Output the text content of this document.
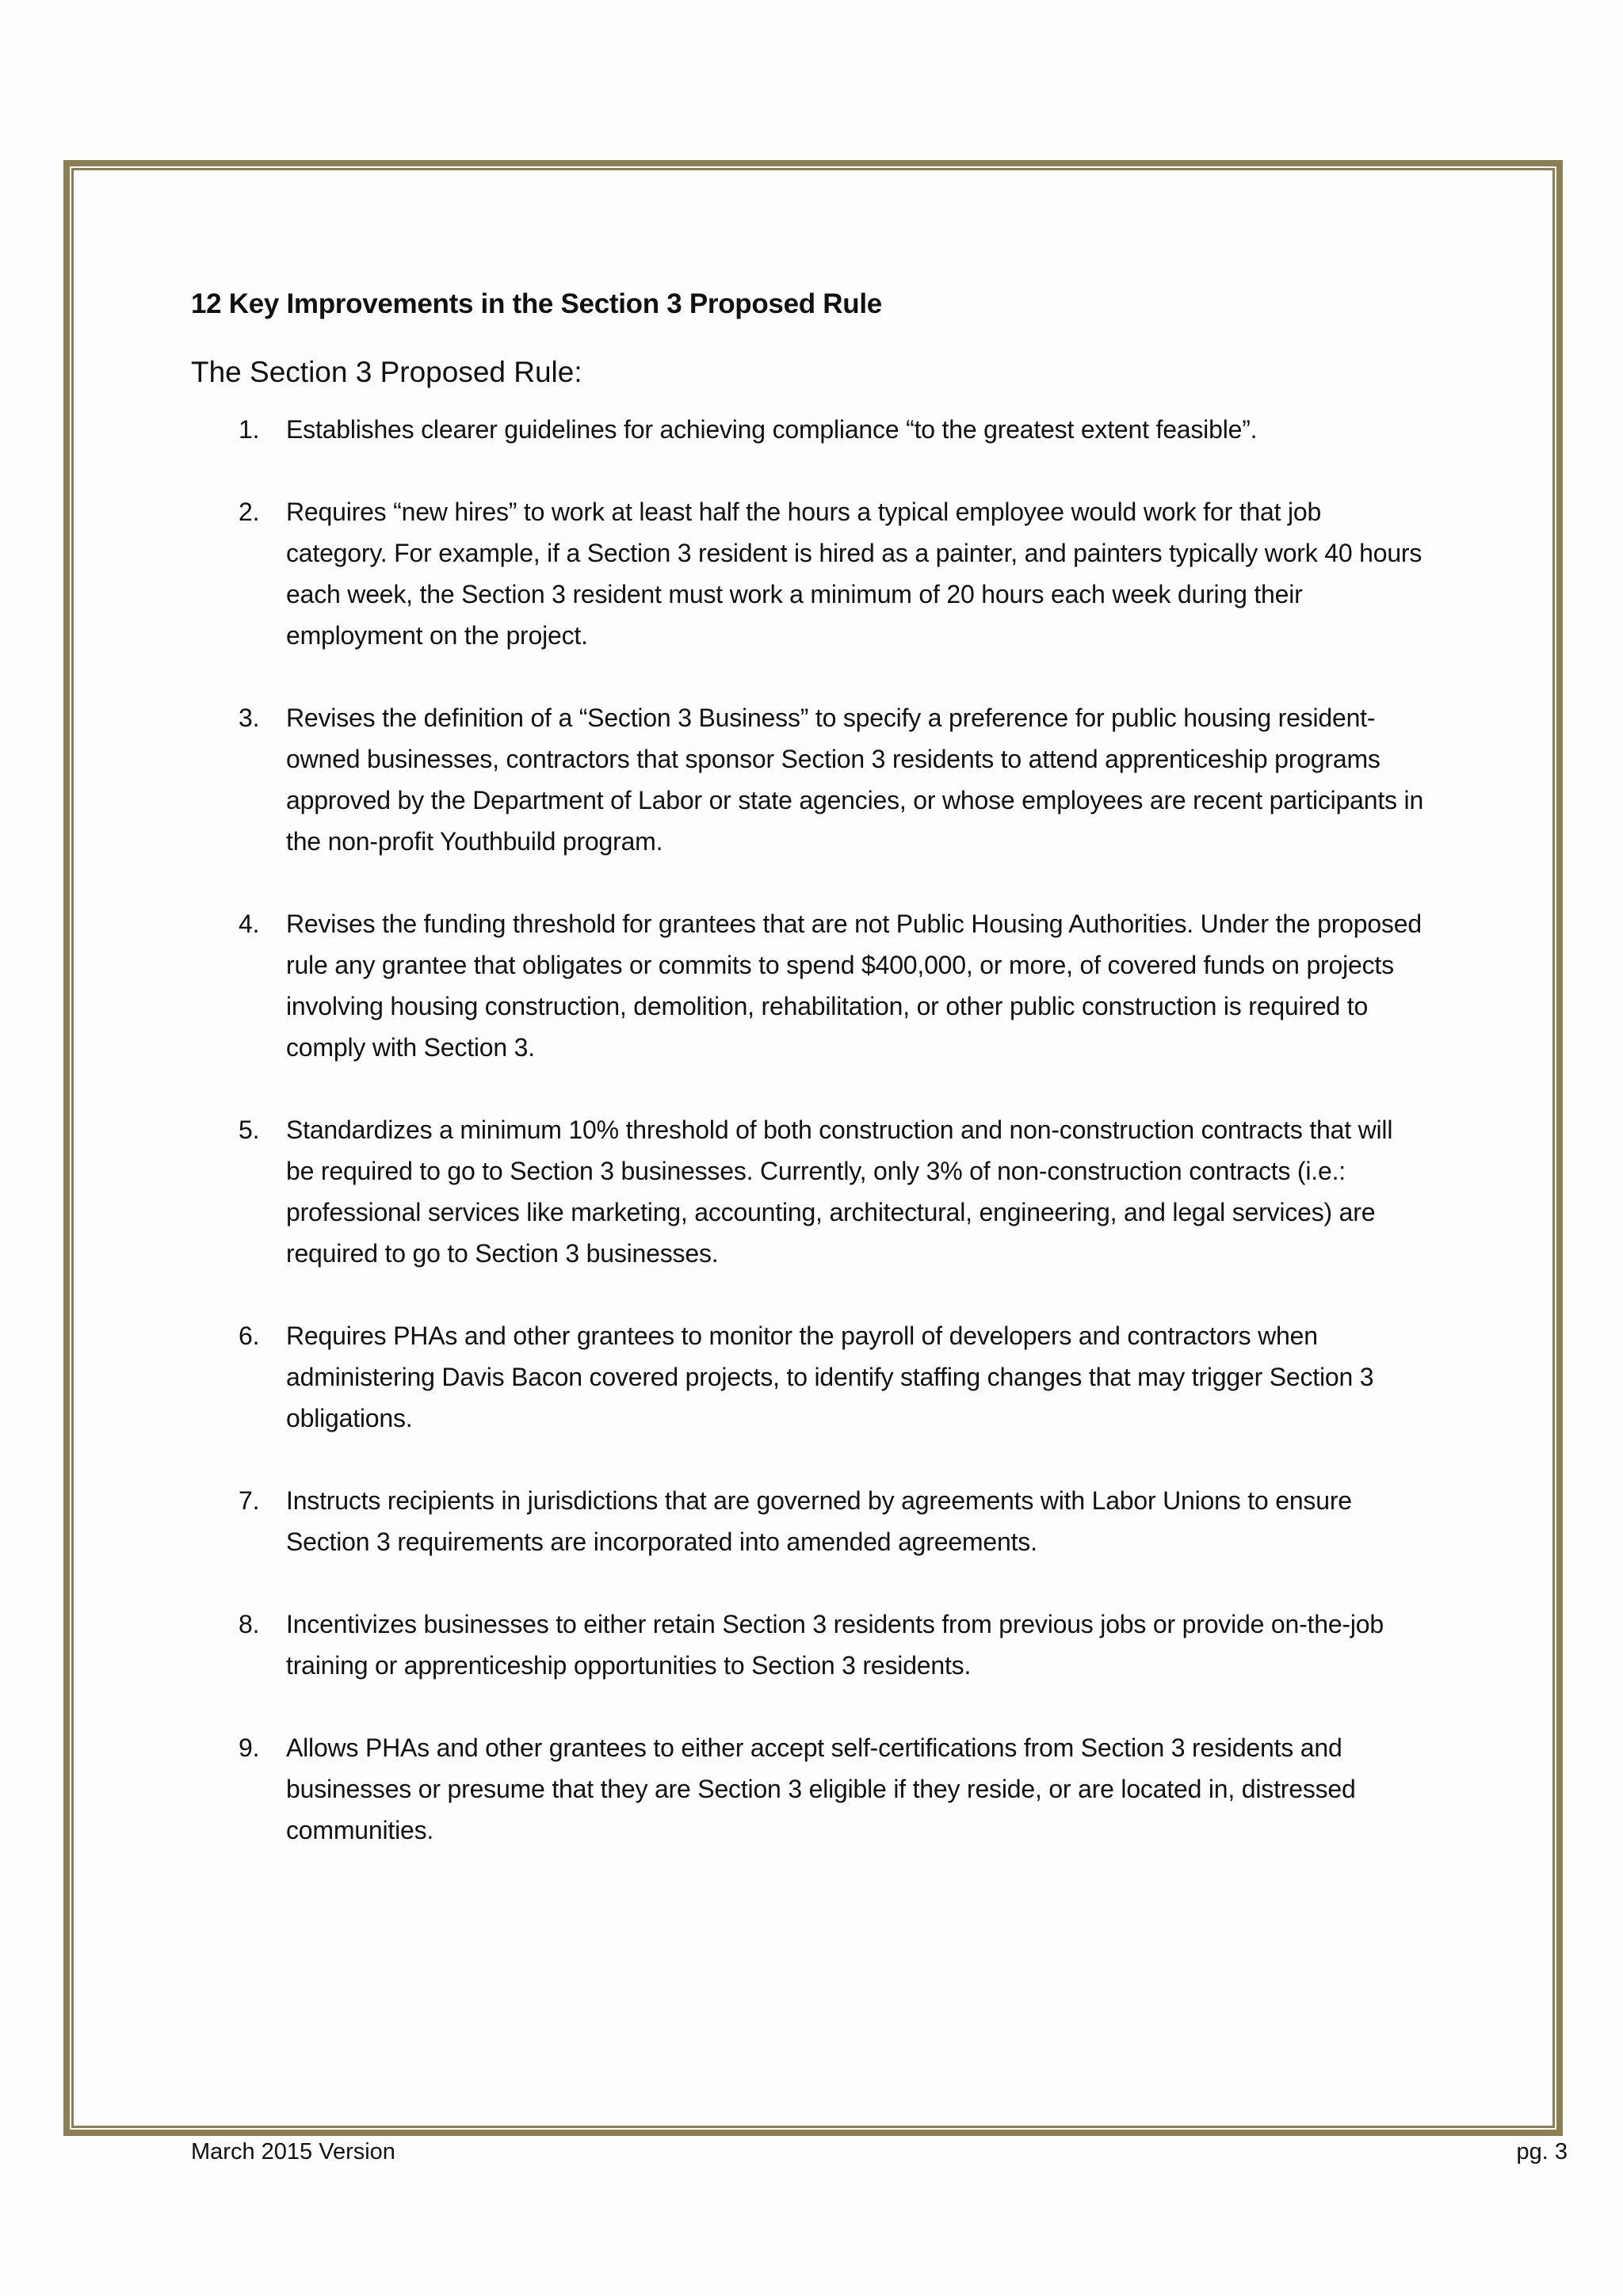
12 Key Improvements in the Section 3 Proposed Rule

The Section 3 Proposed Rule:

1. Establishes clearer guidelines for achieving compliance “to the greatest extent feasible”.
2. Requires “new hires” to work at least half the hours a typical employee would work for that job category. For example, if a Section 3 resident is hired as a painter, and painters typically work 40 hours each week, the Section 3 resident must work a minimum of 20 hours each week during their employment on the project.
3. Revises the definition of a “Section 3 Business” to specify a preference for public housing resident-owned businesses, contractors that sponsor Section 3 residents to attend apprenticeship programs approved by the Department of Labor or state agencies, or whose employees are recent participants in the non-profit Youthbuild program.
4. Revises the funding threshold for grantees that are not Public Housing Authorities. Under the proposed rule any grantee that obligates or commits to spend $400,000, or more, of covered funds on projects involving housing construction, demolition, rehabilitation, or other public construction is required to comply with Section 3.
5. Standardizes a minimum 10% threshold of both construction and non-construction contracts that will be required to go to Section 3 businesses. Currently, only 3% of non-construction contracts (i.e.: professional services like marketing, accounting, architectural, engineering, and legal services) are required to go to Section 3 businesses.
6. Requires PHAs and other grantees to monitor the payroll of developers and contractors when administering Davis Bacon covered projects, to identify staffing changes that may trigger Section 3 obligations.
7. Instructs recipients in jurisdictions that are governed by agreements with Labor Unions to ensure Section 3 requirements are incorporated into amended agreements.
8. Incentivizes businesses to either retain Section 3 residents from previous jobs or provide on-the-job training or apprenticeship opportunities to Section 3 residents.
9. Allows PHAs and other grantees to either accept self-certifications from Section 3 residents and businesses or presume that they are Section 3 eligible if they reside, or are located in, distressed communities.
March 2015 Version	pg. 3
